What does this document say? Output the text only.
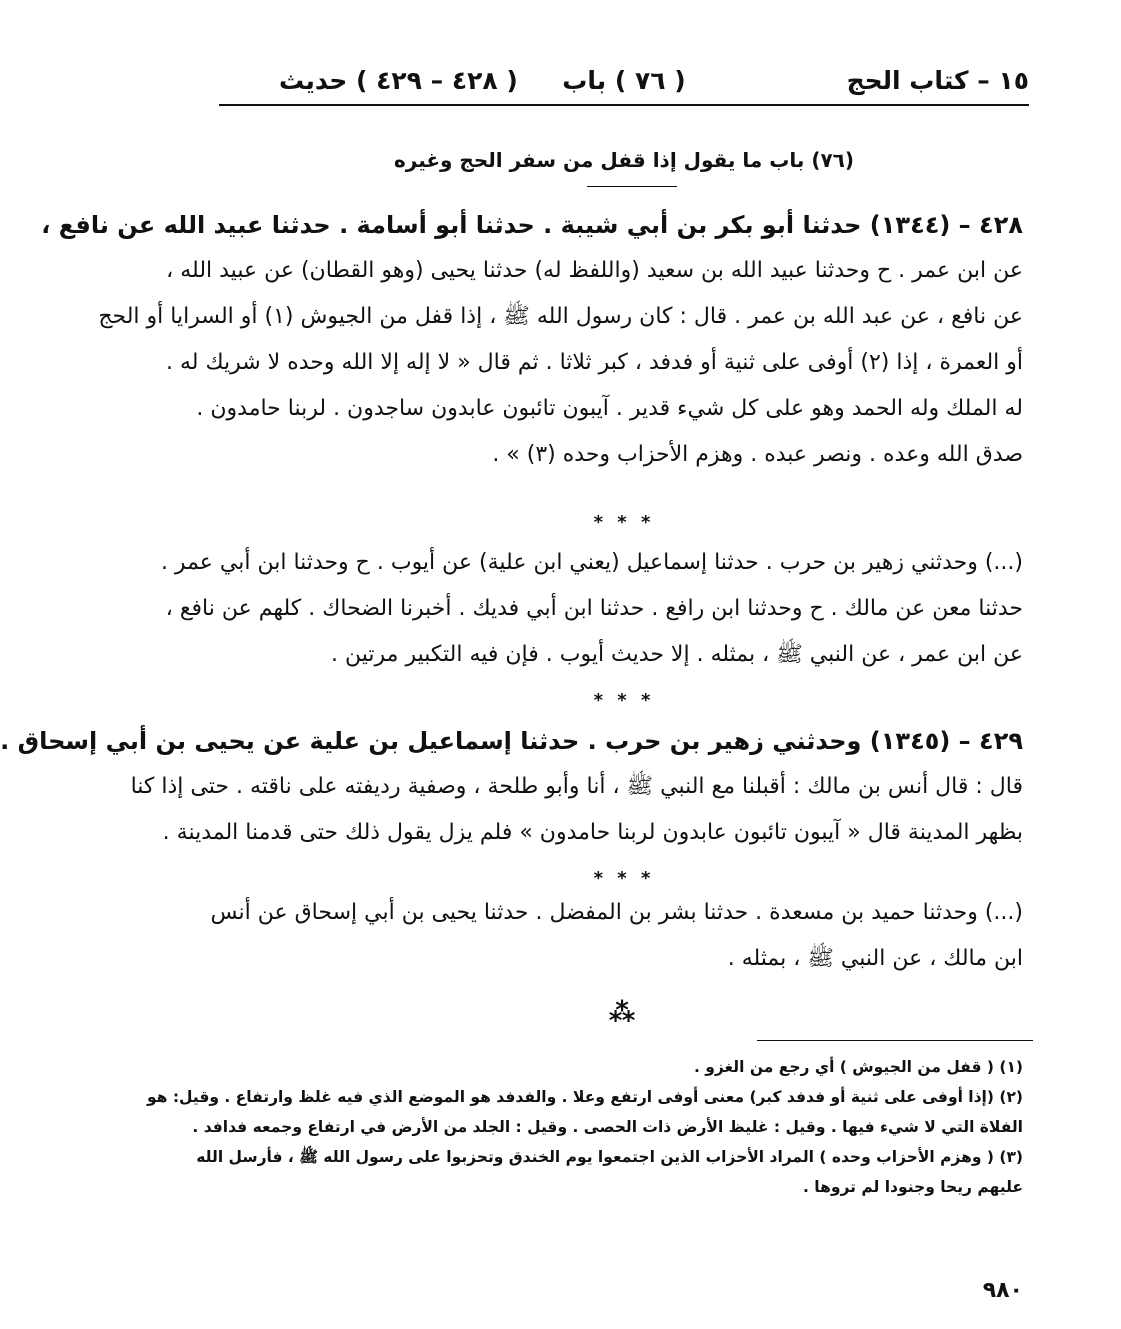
١٥ – كتاب الحج
( ٧٦ ) باب
( ٤٢٨ – ٤٢٩ ) حديث
(٧٦) باب ما يقول إذا قفل من سفر الحج وغيره
٤٢٨ – (١٣٤٤) حدثنا أبو بكر بن أبي شيبة . حدثنا أبو أسامة . حدثنا عبيد الله عن نافع ،
عن ابن عمر . ح وحدثنا عبيد الله بن سعيد (واللفظ له) حدثنا يحيى (وهو القطان) عن عبيد الله ،
عن نافع ، عن عبد الله بن عمر . قال : كان رسول الله ﷺ ، إذا قفل من الجيوش (١) أو السرايا أو الحج
أو العمرة ، إذا (٢) أوفى على ثنية أو فدفد ، كبر ثلاثا . ثم قال « لا إله إلا الله وحده لا شريك له .
له الملك وله الحمد وهو على كل شيء قدير . آيبون تائبون عابدون ساجدون . لربنا حامدون .
صدق الله وعده . ونصر عبده . وهزم الأحزاب وحده (٣) » .
* * *
(...) وحدثني زهير بن حرب . حدثنا إسماعيل (يعني ابن علية) عن أيوب . ح وحدثنا ابن أبي عمر .
حدثنا معن عن مالك . ح وحدثنا ابن رافع . حدثنا ابن أبي فديك . أخبرنا الضحاك . كلهم عن نافع ،
عن ابن عمر ، عن النبي ﷺ ، بمثله . إلا حديث أيوب . فإن فيه التكبير مرتين .
* * *
٤٢٩ – (١٣٤٥) وحدثني زهير بن حرب . حدثنا إسماعيل بن علية عن يحيى بن أبي إسحاق .
قال : قال أنس بن مالك : أقبلنا مع النبي ﷺ ، أنا وأبو طلحة ، وصفية رديفته على ناقته . حتى إذا كنا
بظهر المدينة قال « آيبون تائبون عابدون لربنا حامدون » فلم يزل يقول ذلك حتى قدمنا المدينة .
* * *
(...) وحدثنا حميد بن مسعدة . حدثنا بشر بن المفضل . حدثنا يحيى بن أبي إسحاق عن أنس
ابن مالك ، عن النبي ﷺ ، بمثله .
⁂
(١) ( قفل من الجيوش ) أي رجع من الغزو .
(٢) (إذا أوفى على ثنية أو فدفد كبر) معنى أوفى ارتفع وعلا . والفدفد هو الموضع الذي فيه غلظ وارتفاع . وقيل: هو
الفلاة التي لا شيء فيها . وقيل : غليظ الأرض ذات الحصى . وقيل : الجلد من الأرض في ارتفاع وجمعه فدافد .
(٣) ( وهزم الأحزاب وحده ) المراد الأحزاب الذين اجتمعوا يوم الخندق وتحزبوا على رسول الله ﷺ ، فأرسل الله
عليهم ريحا وجنودا لم تروها .
٩٨٠
